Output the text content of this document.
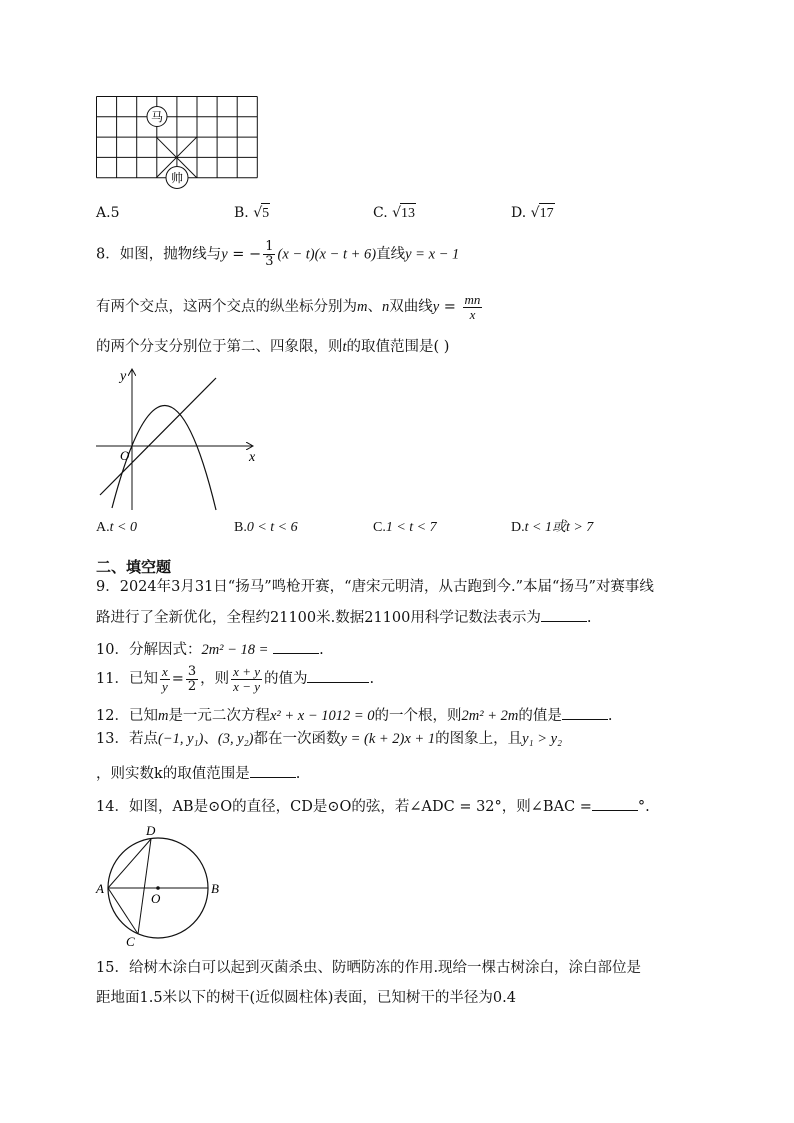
马
帅
A.5	B. √5	C. √13	D. √17
8．如图，抛物线与y = − $\frac{1}{3} (x - t)(x - t + 6)$直线y = x − 1
有两个交点，这两个交点的纵坐标分别为m、n双曲线$y = \frac{mn}{x}$
的两个分支分别位于第二、四象限，则t的取值范围是( )
x
y
O
A.t < 0	B.0 < t < 6	C.1 < t < 7	D.t < 1或t > 7
二、填空题
9．2024年3月31日“扬马”鸣枪开赛，“唐宋元明清，从古跑到今.”本届“扬马”对赛事线
路进行了全新优化，全程约21100米.数据21100用科学记数法表示为	.
10．分解因式：2m² − 18 =	.
11．已知 $\frac{x}{y} = \frac{3}{2}$ ，则 $\frac{x + y}{x - y}$ 的值为	.
12．已知m是一元二次方程x² + x − 1012 = 0的一个根，则2m² + 2m的值是	.
13．若点(−1, y₁)、(3, y₂)都在一次函数y = (k + 2)x + 1的图象上，且y₁ > y₂
，则实数k的取值范围是	.
14．如图，AB是⊙O的直径，CD是⊙O的弦，若∠ADC = 32°，则∠BAC =	°.
D
A	B
O
C
15．给树木涂白可以起到灭菌杀虫、防晒防冻的作用.现给一棵古树涂白，涂白部位是
距地面1.5米以下的树干(近似圆柱体)表面，已知树干的半径为0.4
